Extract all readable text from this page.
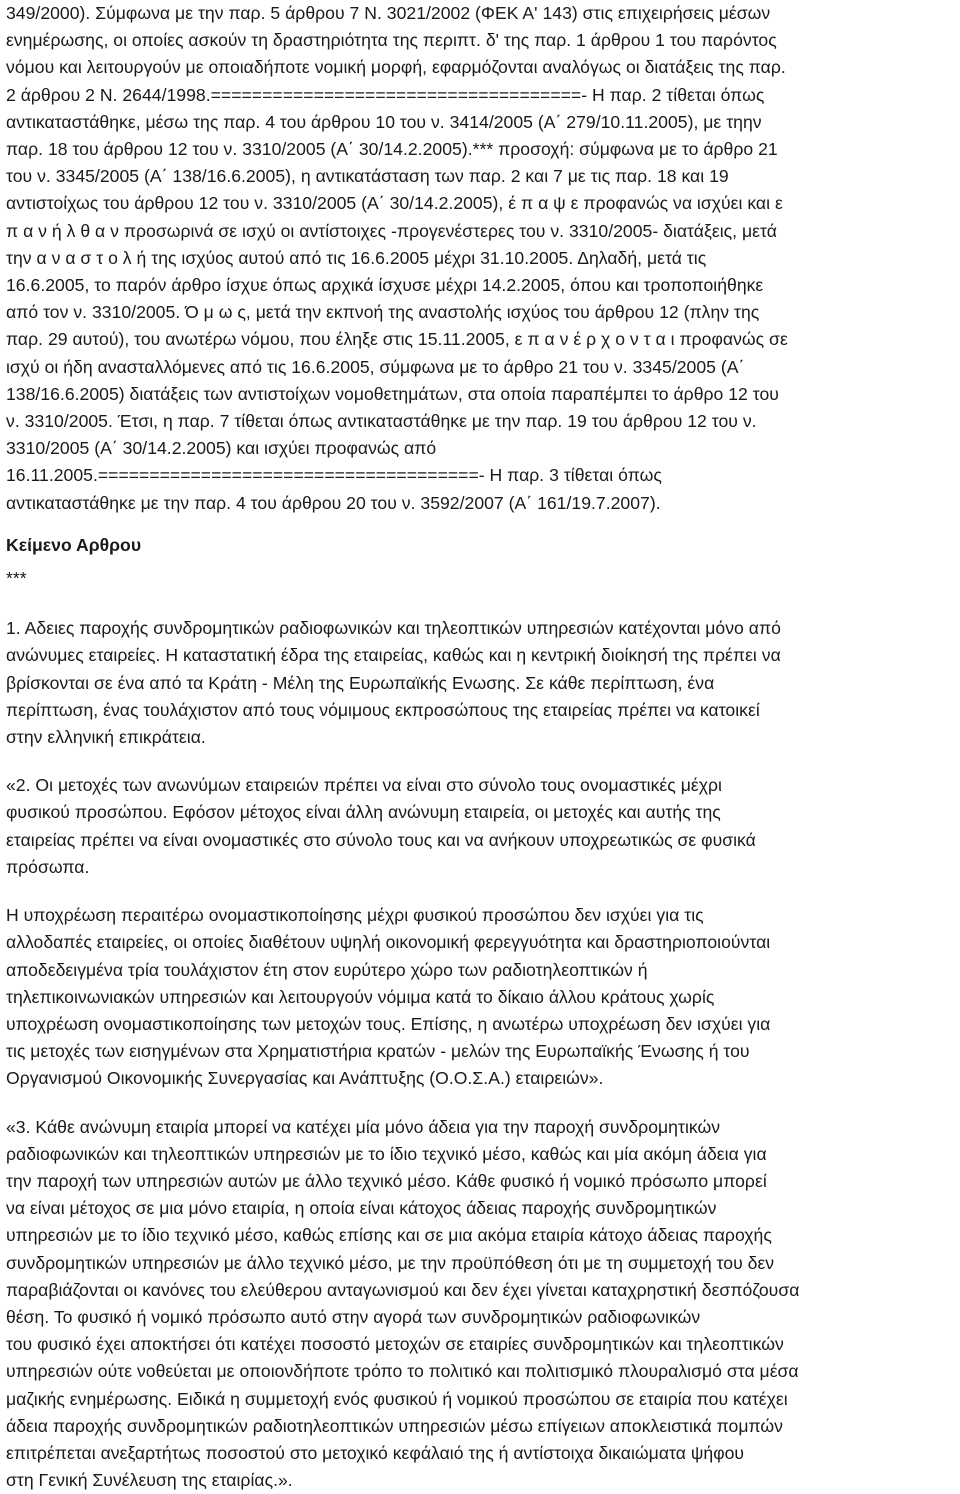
349/2000). Σύμφωνα με την παρ. 5 άρθρου 7 Ν. 3021/2002 (ΦΕΚ Α' 143) στις επιχειρήσεις μέσων
ενημέρωσης, οι οποίες ασκούν τη δραστηριότητα της περιπτ. δ' της παρ. 1 άρθρου 1 του παρόντος
νόμου και λειτουργούν με οποιαδήποτε νομική μορφή, εφαρμόζονται αναλόγως οι διατάξεις της παρ.
2 άρθρου 2 Ν. 2644/1998.====================================- Η παρ. 2 τίθεται όπως
αντικαταστάθηκε, μέσω της παρ. 4 του άρθρου 10 του ν. 3414/2005 (Α΄ 279/10.11.2005), με τηην
παρ. 18 του άρθρου 12 του ν. 3310/2005 (Α΄ 30/14.2.2005).*** προσοχή: σύμφωνα με το άρθρο 21
του ν. 3345/2005 (Α΄ 138/16.6.2005), η αντικατάσταση των παρ. 2 και 7 με τις παρ. 18 και 19
αντιστοίχως του άρθρου 12 του ν. 3310/2005 (Α΄ 30/14.2.2005), έ π α ψ ε προφανώς να ισχύει και ε
π α ν ή λ θ α ν προσωρινά σε ισχύ οι αντίστοιχες -προγενέστερες του ν. 3310/2005- διατάξεις, μετά
την α ν α σ τ ο λ ή της ισχύος αυτού από τις 16.6.2005 μέχρι 31.10.2005. Δηλαδή, μετά τις
16.6.2005, το παρόν άρθρο ίσχυε όπως αρχικά ίσχυσε μέχρι 14.2.2005, όπου και τροποποιήθηκε
από τον ν. 3310/2005. Ό μ ω ς, μετά την εκπνοή της αναστολής ισχύος του άρθρου 12 (πλην της
παρ. 29 αυτού), του ανωτέρω νόμου, που έληξε στις 15.11.2005, ε π α ν έ ρ χ ο ν τ α ι προφανώς σε
ισχύ οι ήδη ανασταλλόμενες από τις 16.6.2005, σύμφωνα με το άρθρο 21 του ν. 3345/2005 (Α΄
138/16.6.2005) διατάξεις των αντιστοίχων νομοθετημάτων, στα οποία παραπέμπει το άρθρο 12 του
ν. 3310/2005. Έτσι, η παρ. 7 τίθεται όπως αντικαταστάθηκε με την παρ. 19 του άρθρου 12 του ν.
3310/2005 (Α΄ 30/14.2.2005) και ισχύει προφανώς από
16.11.2005.=====================================- Η παρ. 3 τίθεται όπως
αντικαταστάθηκε με την παρ. 4 του άρθρου 20 του ν. 3592/2007 (Α΄ 161/19.7.2007).
Κείμενο Αρθρου
***
1. Αδειες παροχής συνδρομητικών ραδιοφωνικών και τηλεοπτικών υπηρεσιών κατέχονται μόνο από
ανώνυμες εταιρείες. Η καταστατική έδρα της εταιρείας, καθώς και η κεντρική διοίκησή της πρέπει να
βρίσκονται σε ένα από τα Κράτη - Μέλη της Ευρωπαϊκής Ενωσης. Σε κάθε περίπτωση, ένα
περίπτωση, ένας τουλάχιστον από τους νόμιμους εκπροσώπους της εταιρείας πρέπει να κατοικεί
στην ελληνική επικράτεια.
«2. Οι μετοχές των ανωνύμων εταιρειών πρέπει να είναι στο σύνολο τους ονομαστικές μέχρι
φυσικού προσώπου. Εφόσον μέτοχος είναι άλλη ανώνυμη εταιρεία, οι μετοχές και αυτής της
εταιρείας πρέπει να είναι ονομαστικές στο σύνολο τους και να ανήκουν υποχρεωτικώς σε φυσικά
πρόσωπα.
Η υποχρέωση περαιτέρω ονομαστικοποίησης μέχρι φυσικού προσώπου δεν ισχύει για τις
αλλοδαπές εταιρείες, οι οποίες διαθέτουν υψηλή οικονομική φερεγγυότητα και δραστηριοποιούνται
αποδεδειγμένα τρία τουλάχιστον έτη στον ευρύτερο χώρο των ραδιοτηλεοπτικών ή
τηλεπικοινωνιακών υπηρεσιών και λειτουργούν νόμιμα κατά το δίκαιο άλλου κράτους χωρίς
υποχρέωση ονομαστικοποίησης των μετοχών τους. Επίσης, η ανωτέρω υποχρέωση δεν ισχύει για
τις μετοχές των εισηγμένων στα Χρηματιστήρια κρατών - μελών της Ευρωπαϊκής Ένωσης ή του
Οργανισμού Οικονομικής Συνεργασίας και Ανάπτυξης (Ο.Ο.Σ.Α.) εταιρειών».
«3. Κάθε ανώνυμη εταιρία μπορεί να κατέχει μία μόνο άδεια για την παροχή συνδρομητικών
ραδιοφωνικών και τηλεοπτικών υπηρεσιών με το ίδιο τεχνικό μέσο, καθώς και μία ακόμη άδεια για
την παροχή των υπηρεσιών αυτών με άλλο τεχνικό μέσο. Κάθε φυσικό ή νομικό πρόσωπο μπορεί
να είναι μέτοχος σε μια μόνο εταιρία, η οποία είναι κάτοχος άδειας παροχής συνδρομητικών
υπηρεσιών με το ίδιο τεχνικό μέσο, καθώς επίσης και σε μια ακόμα εταιρία κάτοχο άδειας παροχής
συνδρομητικών υπηρεσιών με άλλο τεχνικό μέσο, με την προϋπόθεση ότι με τη συμμετοχή του δεν
παραβιάζονται οι κανόνες του ελεύθερου ανταγωνισμού και δεν έχει γίνεται καταχρηστική δεσπόζουσα
θέση. Το φυσικό ή νομικό πρόσωπο αυτό στην αγορά των συνδρομητικών ραδιοφωνικών
του φυσικό έχει αποκτήσει ότι κατέχει ποσοστό μετοχών σε εταιρίες συνδρομητικών και τηλεοπτικών
υπηρεσιών ούτε νοθεύεται με οποιονδήποτε τρόπο το πολιτικό και πολιτισμικό πλουραλισμό στα μέσα
μαζικής ενημέρωσης. Ειδικά η συμμετοχή ενός φυσικού ή νομικού προσώπου σε εταιρία που κατέχει
άδεια παροχής συνδρομητικών ραδιοτηλεοπτικών υπηρεσιών μέσω επίγειων αποκλειστικά πομπών
επιτρέπεται ανεξαρτήτως ποσοστού στο μετοχικό κεφάλαιό της ή αντίστοιχα δικαιώματα ψήφου
στη Γενική Συνέλευση της εταιρίας.».
